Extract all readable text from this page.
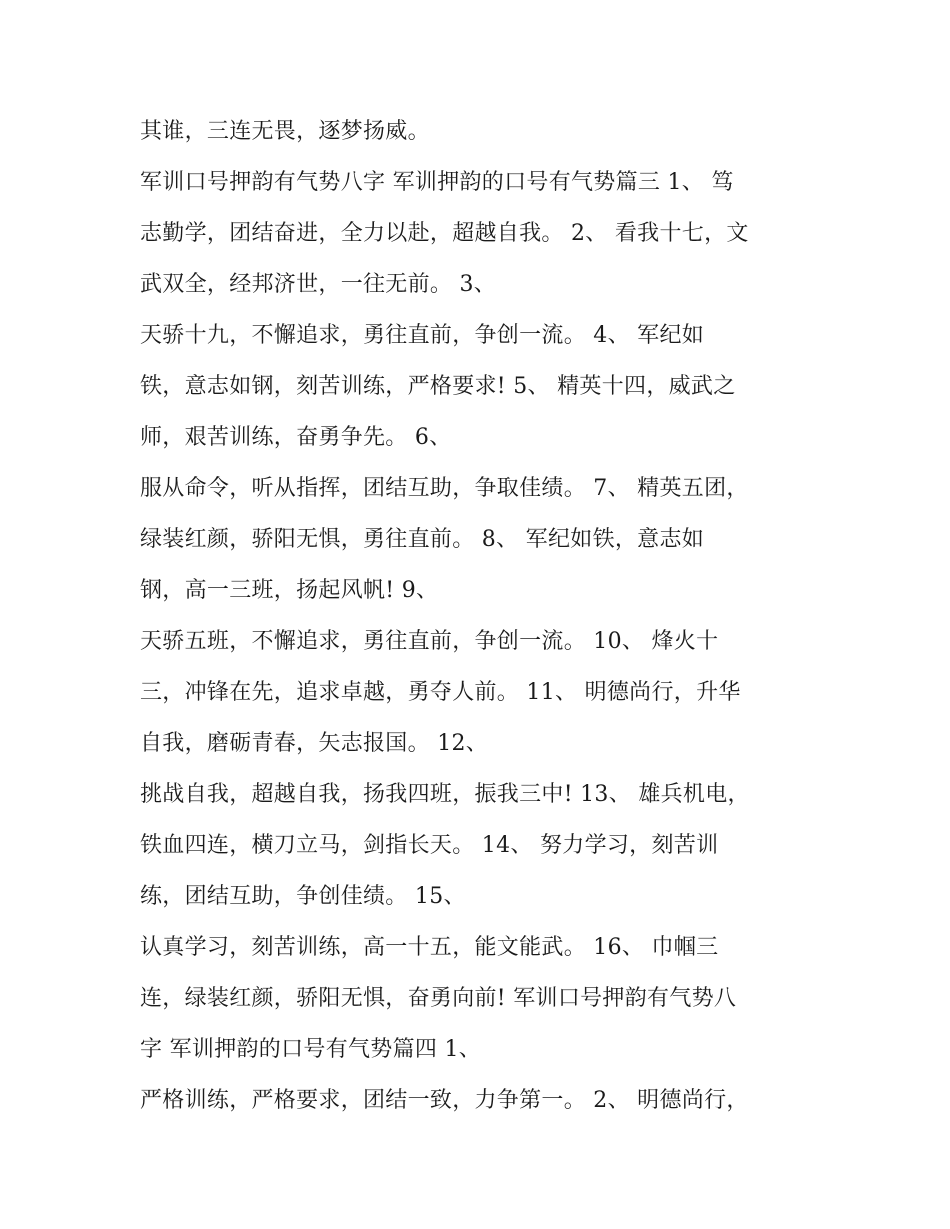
其谁，三连无畏，逐梦扬威。
军训口号押韵有气势八字 军训押韵的口号有气势篇三 1、 笃
志勤学，团结奋进，全力以赴，超越自我。 2、 看我十七，文
武双全，经邦济世，一往无前。 3、
天骄十九，不懈追求，勇往直前，争创一流。 4、 军纪如
铁，意志如钢，刻苦训练，严格要求! 5、 精英十四，威武之
师，艰苦训练，奋勇争先。 6、
服从命令，听从指挥，团结互助，争取佳绩。 7、 精英五团，
绿装红颜，骄阳无惧，勇往直前。 8、 军纪如铁，意志如
钢，高一三班，扬起风帆! 9、
天骄五班，不懈追求，勇往直前，争创一流。 10、 烽火十
三，冲锋在先，追求卓越，勇夺人前。 11、 明德尚行，升华
自我，磨砺青春，矢志报国。 12、
挑战自我，超越自我，扬我四班，振我三中! 13、 雄兵机电，
铁血四连，横刀立马，剑指长天。 14、 努力学习，刻苦训
练，团结互助，争创佳绩。 15、
认真学习，刻苦训练，高一十五，能文能武。 16、 巾帼三
连，绿装红颜，骄阳无惧，奋勇向前! 军训口号押韵有气势八
字 军训押韵的口号有气势篇四 1、
严格训练，严格要求，团结一致，力争第一。 2、 明德尚行，
